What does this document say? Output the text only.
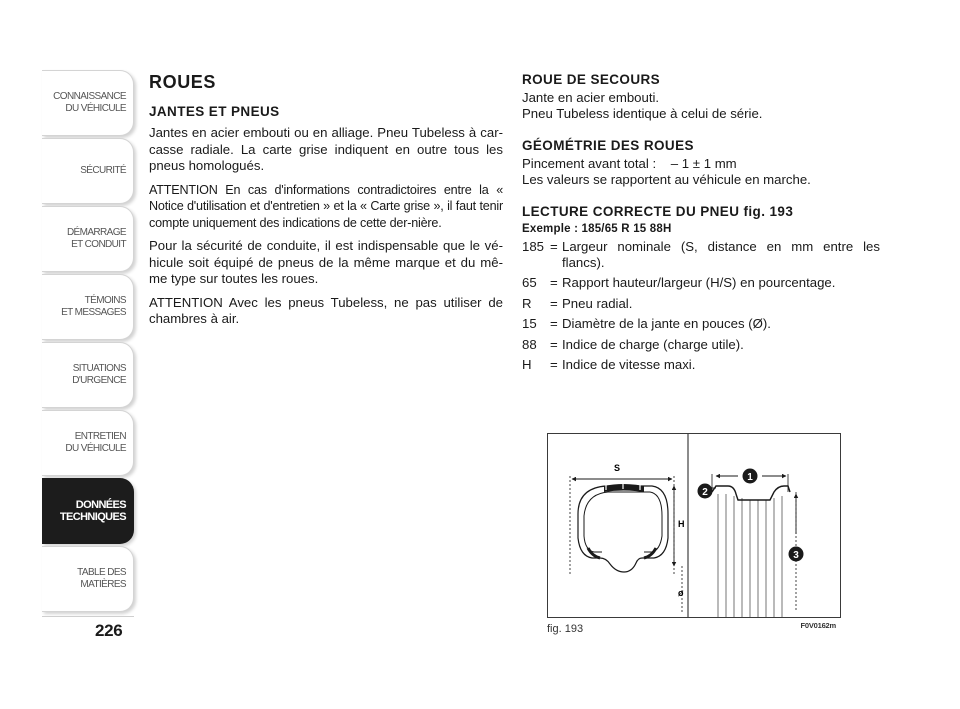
CONNAISSANCE
DU VÉHICULE
SÉCURITÉ
DÉMARRAGE
ET CONDUIT
TÉMOINS
ET MESSAGES
SITUATIONS
D'URGENCE
ENTRETIEN
DU VÉHICULE
DONNÉES
TECHNIQUES
TABLE DES
MATIÈRES
226
ROUES
JANTES ET PNEUS

Jantes en acier embouti ou en alliage. Pneu Tubeless à car-casse radiale. La carte grise indiquent en outre tous les pneus homologués.

ATTENTION En cas d'informations contradictoires entre la « Notice d'utilisation et d'entretien » et la « Carte grise », il faut tenir compte uniquement des indications de cette der-nière.

Pour la sécurité de conduite, il est indispensable que le vé-hicule soit équipé de pneus de la même marque et du mê-me type sur toutes les roues.

ATTENTION Avec les pneus Tubeless, ne pas utiliser de chambres à air.

ROUE DE SECOURS

Jante en acier embouti.

Pneu Tubeless identique à celui de série.

GÉOMÉTRIE DES ROUES

Pincement avant total :    – 1 ± 1 mm

Les valeurs se rapportent au véhicule en marche.

LECTURE CORRECTE DU PNEU fig. 193
Exemple : 185/65 R 15 88H
185 = Largeur nominale (S, distance en mm entre les flancs).
65	= Rapport hauteur/largeur (H/S) en pourcentage.
R	= Pneu radial.
15	= Diamètre de la jante en pouces (Ø).
88	= Indice de charge (charge utile).
H	= Indice de vitesse maxi.
S
H
ø
1
2
3
F0V0162m
fig. 193
